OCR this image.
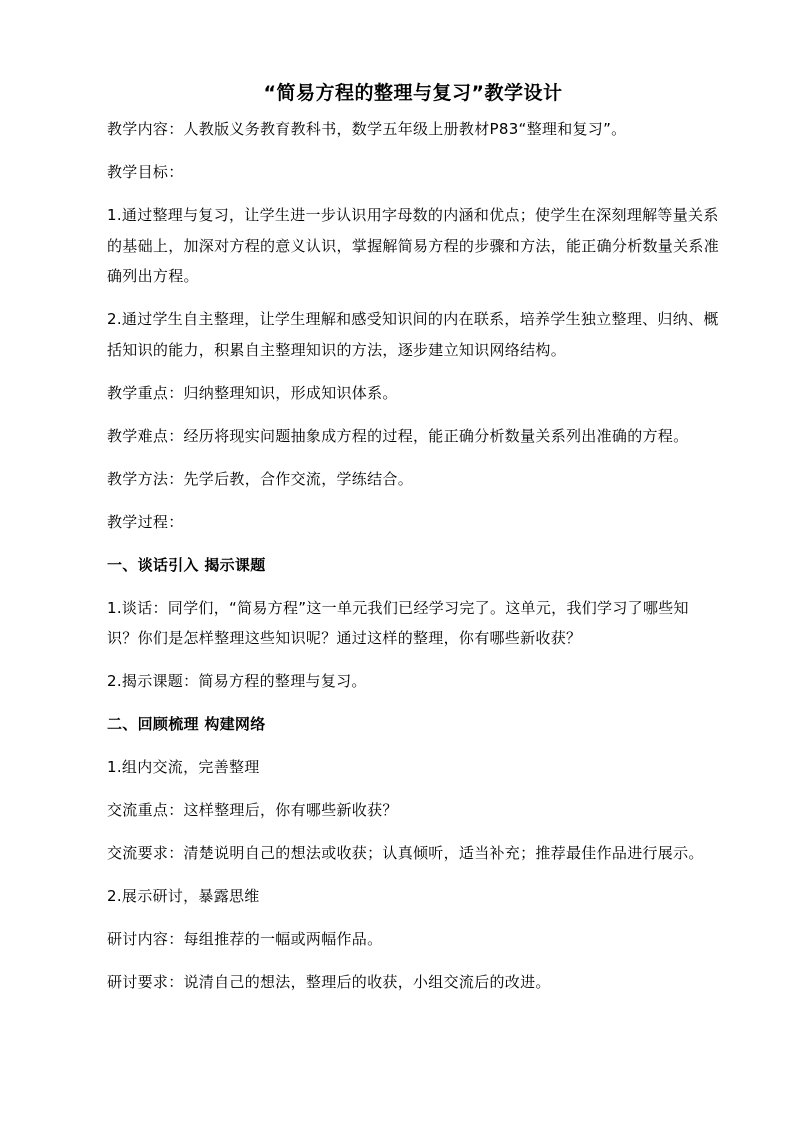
“简易方程的整理与复习”教学设计

教学内容：人教版义务教育教科书，数学五年级上册教材P83“整理和复习”。

教学目标：

1.通过整理与复习，让学生进一步认识用字母数的内涵和优点；使学生在深刻理解等量关系的基础上，加深对方程的意义认识，掌握解简易方程的步骤和方法，能正确分析数量关系准确列出方程。

2.通过学生自主整理，让学生理解和感受知识间的内在联系，培养学生独立整理、归纳、概括知识的能力，积累自主整理知识的方法，逐步建立知识网络结构。

教学重点：归纳整理知识，形成知识体系。

教学难点：经历将现实问题抽象成方程的过程，能正确分析数量关系列出准确的方程。

教学方法：先学后教，合作交流，学练结合。

教学过程：

一、谈话引入 揭示课题

1.谈话：同学们，“简易方程”这一单元我们已经学习完了。这单元，我们学习了哪些知识？你们是怎样整理这些知识呢？通过这样的整理，你有哪些新收获？

2.揭示课题：简易方程的整理与复习。

二、回顾梳理 构建网络

1.组内交流，完善整理

交流重点：这样整理后，你有哪些新收获？

交流要求：清楚说明自己的想法或收获；认真倾听，适当补充；推荐最佳作品进行展示。

2.展示研讨，暴露思维

研讨内容：每组推荐的一幅或两幅作品。

研讨要求：说清自己的想法，整理后的收获，小组交流后的改进。
